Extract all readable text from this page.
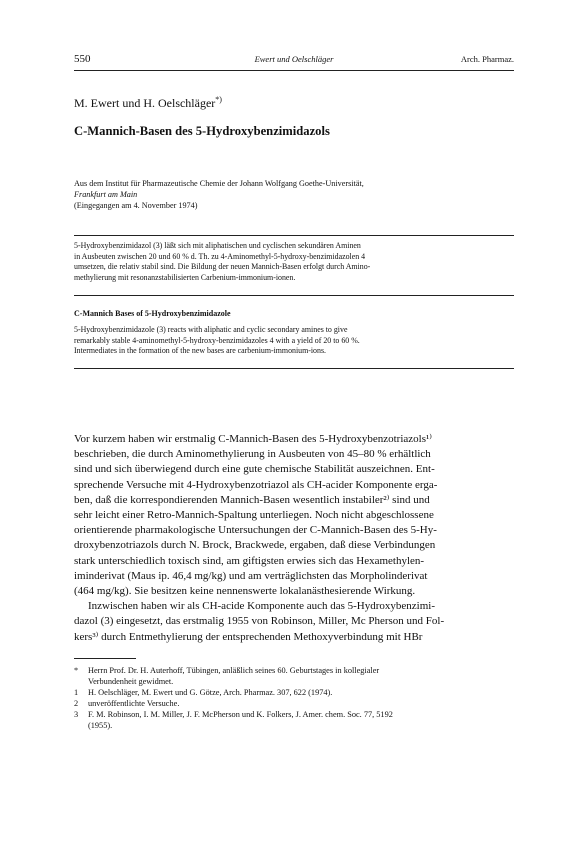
550	Ewert und Oelschläger	Arch. Pharmaz.
M. Ewert und H. Oelschläger*)
C-Mannich-Basen des 5-Hydroxybenzimidazols
Aus dem Institut für Pharmazeutische Chemie der Johann Wolfgang Goethe-Universität,
Frankfurt am Main
(Eingegangen am 4. November 1974)
5-Hydroxybenzimidazol (3) läßt sich mit aliphatischen und cyclischen sekundären Aminen
in Ausbeuten zwischen 20 und 60 % d. Th. zu 4-Aminomethyl-5-hydroxy-benzimidazolen 4
umsetzen, die relativ stabil sind. Die Bildung der neuen Mannich-Basen erfolgt durch Amino-
methylierung mit resonanzstabilisierten Carbenium-immonium-ionen.
C-Mannich Bases of 5-Hydroxybenzimidazole
5-Hydroxybenzimidazole (3) reacts with aliphatic and cyclic secondary amines to give
remarkably stable 4-aminomethyl-5-hydroxy-benzimidazoles 4 with a yield of 20 to 60 %.
Intermediates in the formation of the new bases are carbenium-immonium-ions.
Vor kurzem haben wir erstmalig C-Mannich-Basen des 5-Hydroxybenzotriazols¹⁾
beschrieben, die durch Aminomethylierung in Ausbeuten von 45–80 % erhältlich
sind und sich überwiegend durch eine gute chemische Stabilität auszeichnen. Ent-
sprechende Versuche mit 4-Hydroxybenzotriazol als CH-acider Komponente erga-
ben, daß die korrespondierenden Mannich-Basen wesentlich instabiler²⁾ sind und
sehr leicht einer Retro-Mannich-Spaltung unterliegen. Noch nicht abgeschlossene
orientierende pharmakologische Untersuchungen der C-Mannich-Basen des 5-Hy-
droxybenzotriazols durch N. Brock, Brackwede, ergaben, daß diese Verbindungen
stark unterschiedlich toxisch sind, am giftigsten erwies sich das Hexamethylen-
iminderivat (Maus ip. 46,4 mg/kg) und am verträglichsten das Morpholinderivat
(464 mg/kg). Sie besitzen keine nennenswerte lokalanästhesierende Wirkung.
Inzwischen haben wir als CH-acide Komponente auch das 5-Hydroxybenzimi-
dazol (3) eingesetzt, das erstmalig 1955 von Robinson, Miller, Mc Pherson und Fol-
kers³⁾ durch Entmethylierung der entsprechenden Methoxyverbindung mit HBr
* Herrn Prof. Dr. H. Auterhoff, Tübingen, anläßlich seines 60. Geburtstages in kollegialer
Verbundenheit gewidmet.
1 H. Oelschläger, M. Ewert und G. Götze, Arch. Pharmaz. 307, 622 (1974).
2 unveröffentlichte Versuche.
3 F. M. Robinson, I. M. Miller, J. F. McPherson und K. Folkers, J. Amer. chem. Soc. 77, 5192
(1955).
